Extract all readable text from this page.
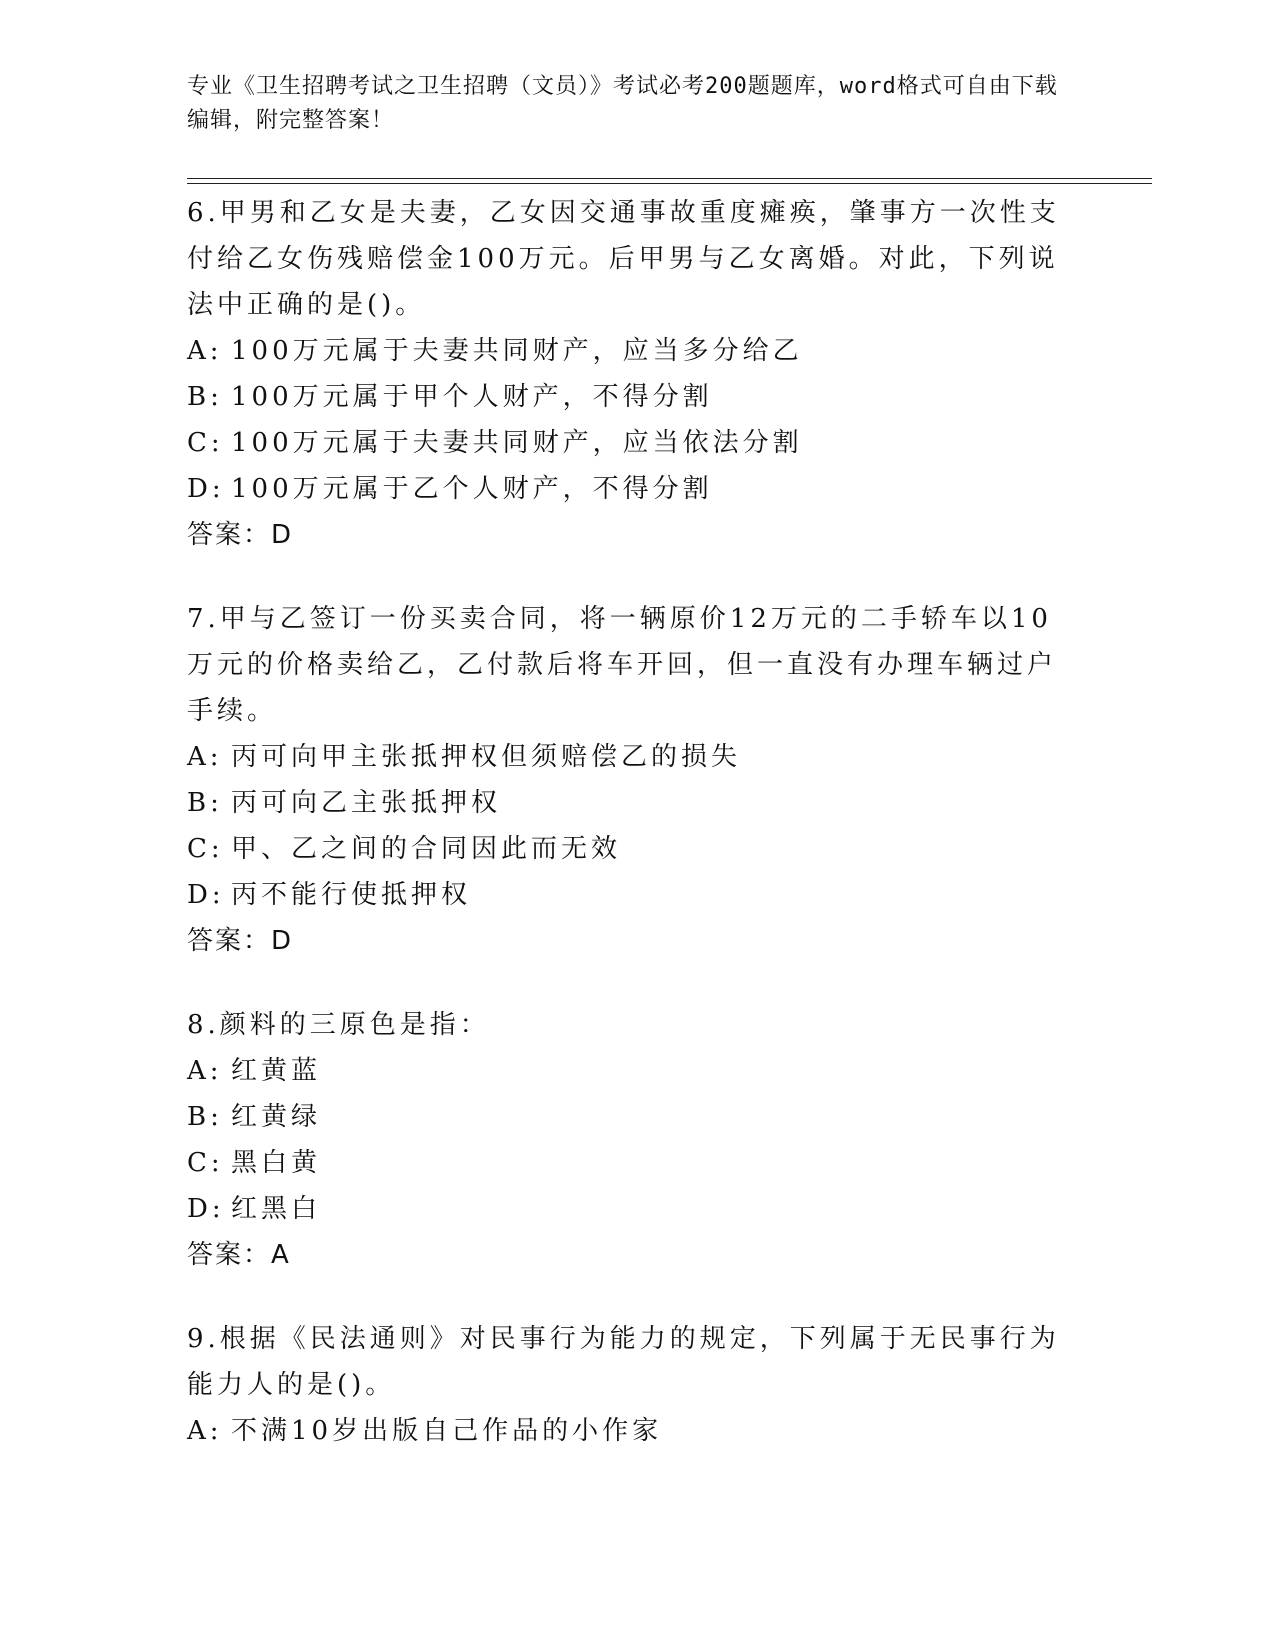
专业《卫生招聘考试之卫生招聘（文员）》考试必考200题题库，word格式可自由下载编辑，附完整答案！

6.甲男和乙女是夫妻，乙女因交通事故重度瘫痪，肇事方一次性支付给乙女伤残赔偿金100万元。后甲男与乙女离婚。对此，下列说法中正确的是()。

A: 100万元属于夫妻共同财产，应当多分给乙

B: 100万元属于甲个人财产，不得分割

C: 100万元属于夫妻共同财产，应当依法分割

D: 100万元属于乙个人财产，不得分割

答案：D

7.甲与乙签订一份买卖合同，将一辆原价12万元的二手轿车以10万元的价格卖给乙，乙付款后将车开回，但一直没有办理车辆过户手续。

A: 丙可向甲主张抵押权但须赔偿乙的损失

B: 丙可向乙主张抵押权

C: 甲、乙之间的合同因此而无效

D: 丙不能行使抵押权

答案：D

8.颜料的三原色是指：

A: 红黄蓝

B: 红黄绿

C: 黑白黄

D: 红黑白

答案：A

9.根据《民法通则》对民事行为能力的规定，下列属于无民事行为能力人的是()。

A: 不满10岁出版自己作品的小作家
